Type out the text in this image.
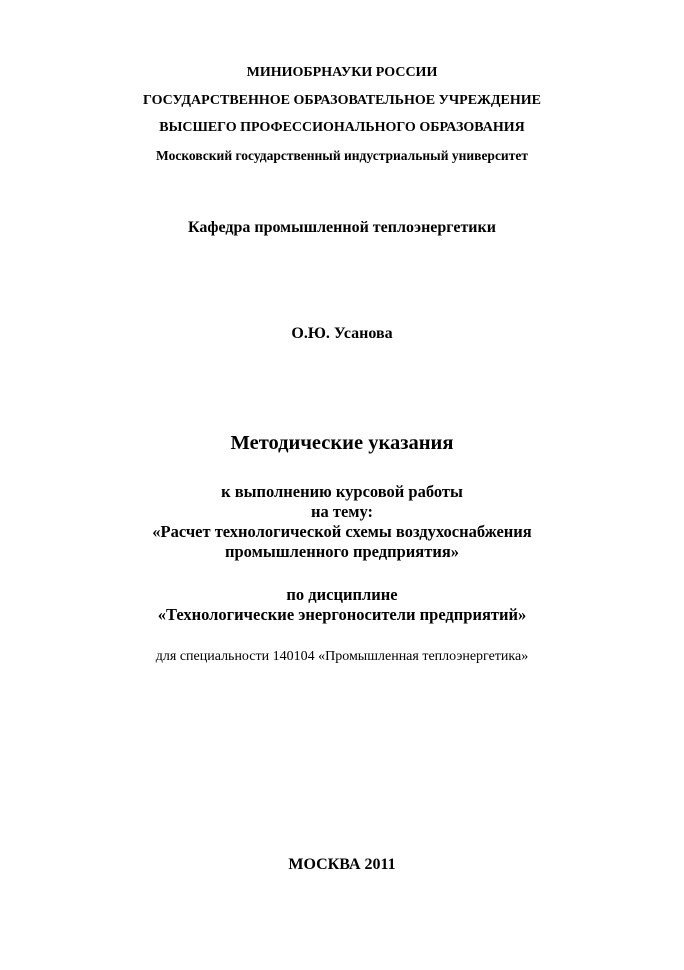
МИНИОБРНАУКИ РОССИИ
ГОСУДАРСТВЕННОЕ ОБРАЗОВАТЕЛЬНОЕ УЧРЕЖДЕНИЕ
ВЫСШЕГО ПРОФЕССИОНАЛЬНОГО ОБРАЗОВАНИЯ
Московский государственный индустриальный университет
Кафедра промышленной теплоэнергетики
О.Ю. Усанова
Методические указания
к выполнению курсовой работы
на тему:
«Расчет технологической схемы воздухоснабжения
промышленного предприятия»
по дисциплине
«Технологические энергоносители предприятий»
для специальности 140104 «Промышленная теплоэнергетика»
МОСКВА 2011
